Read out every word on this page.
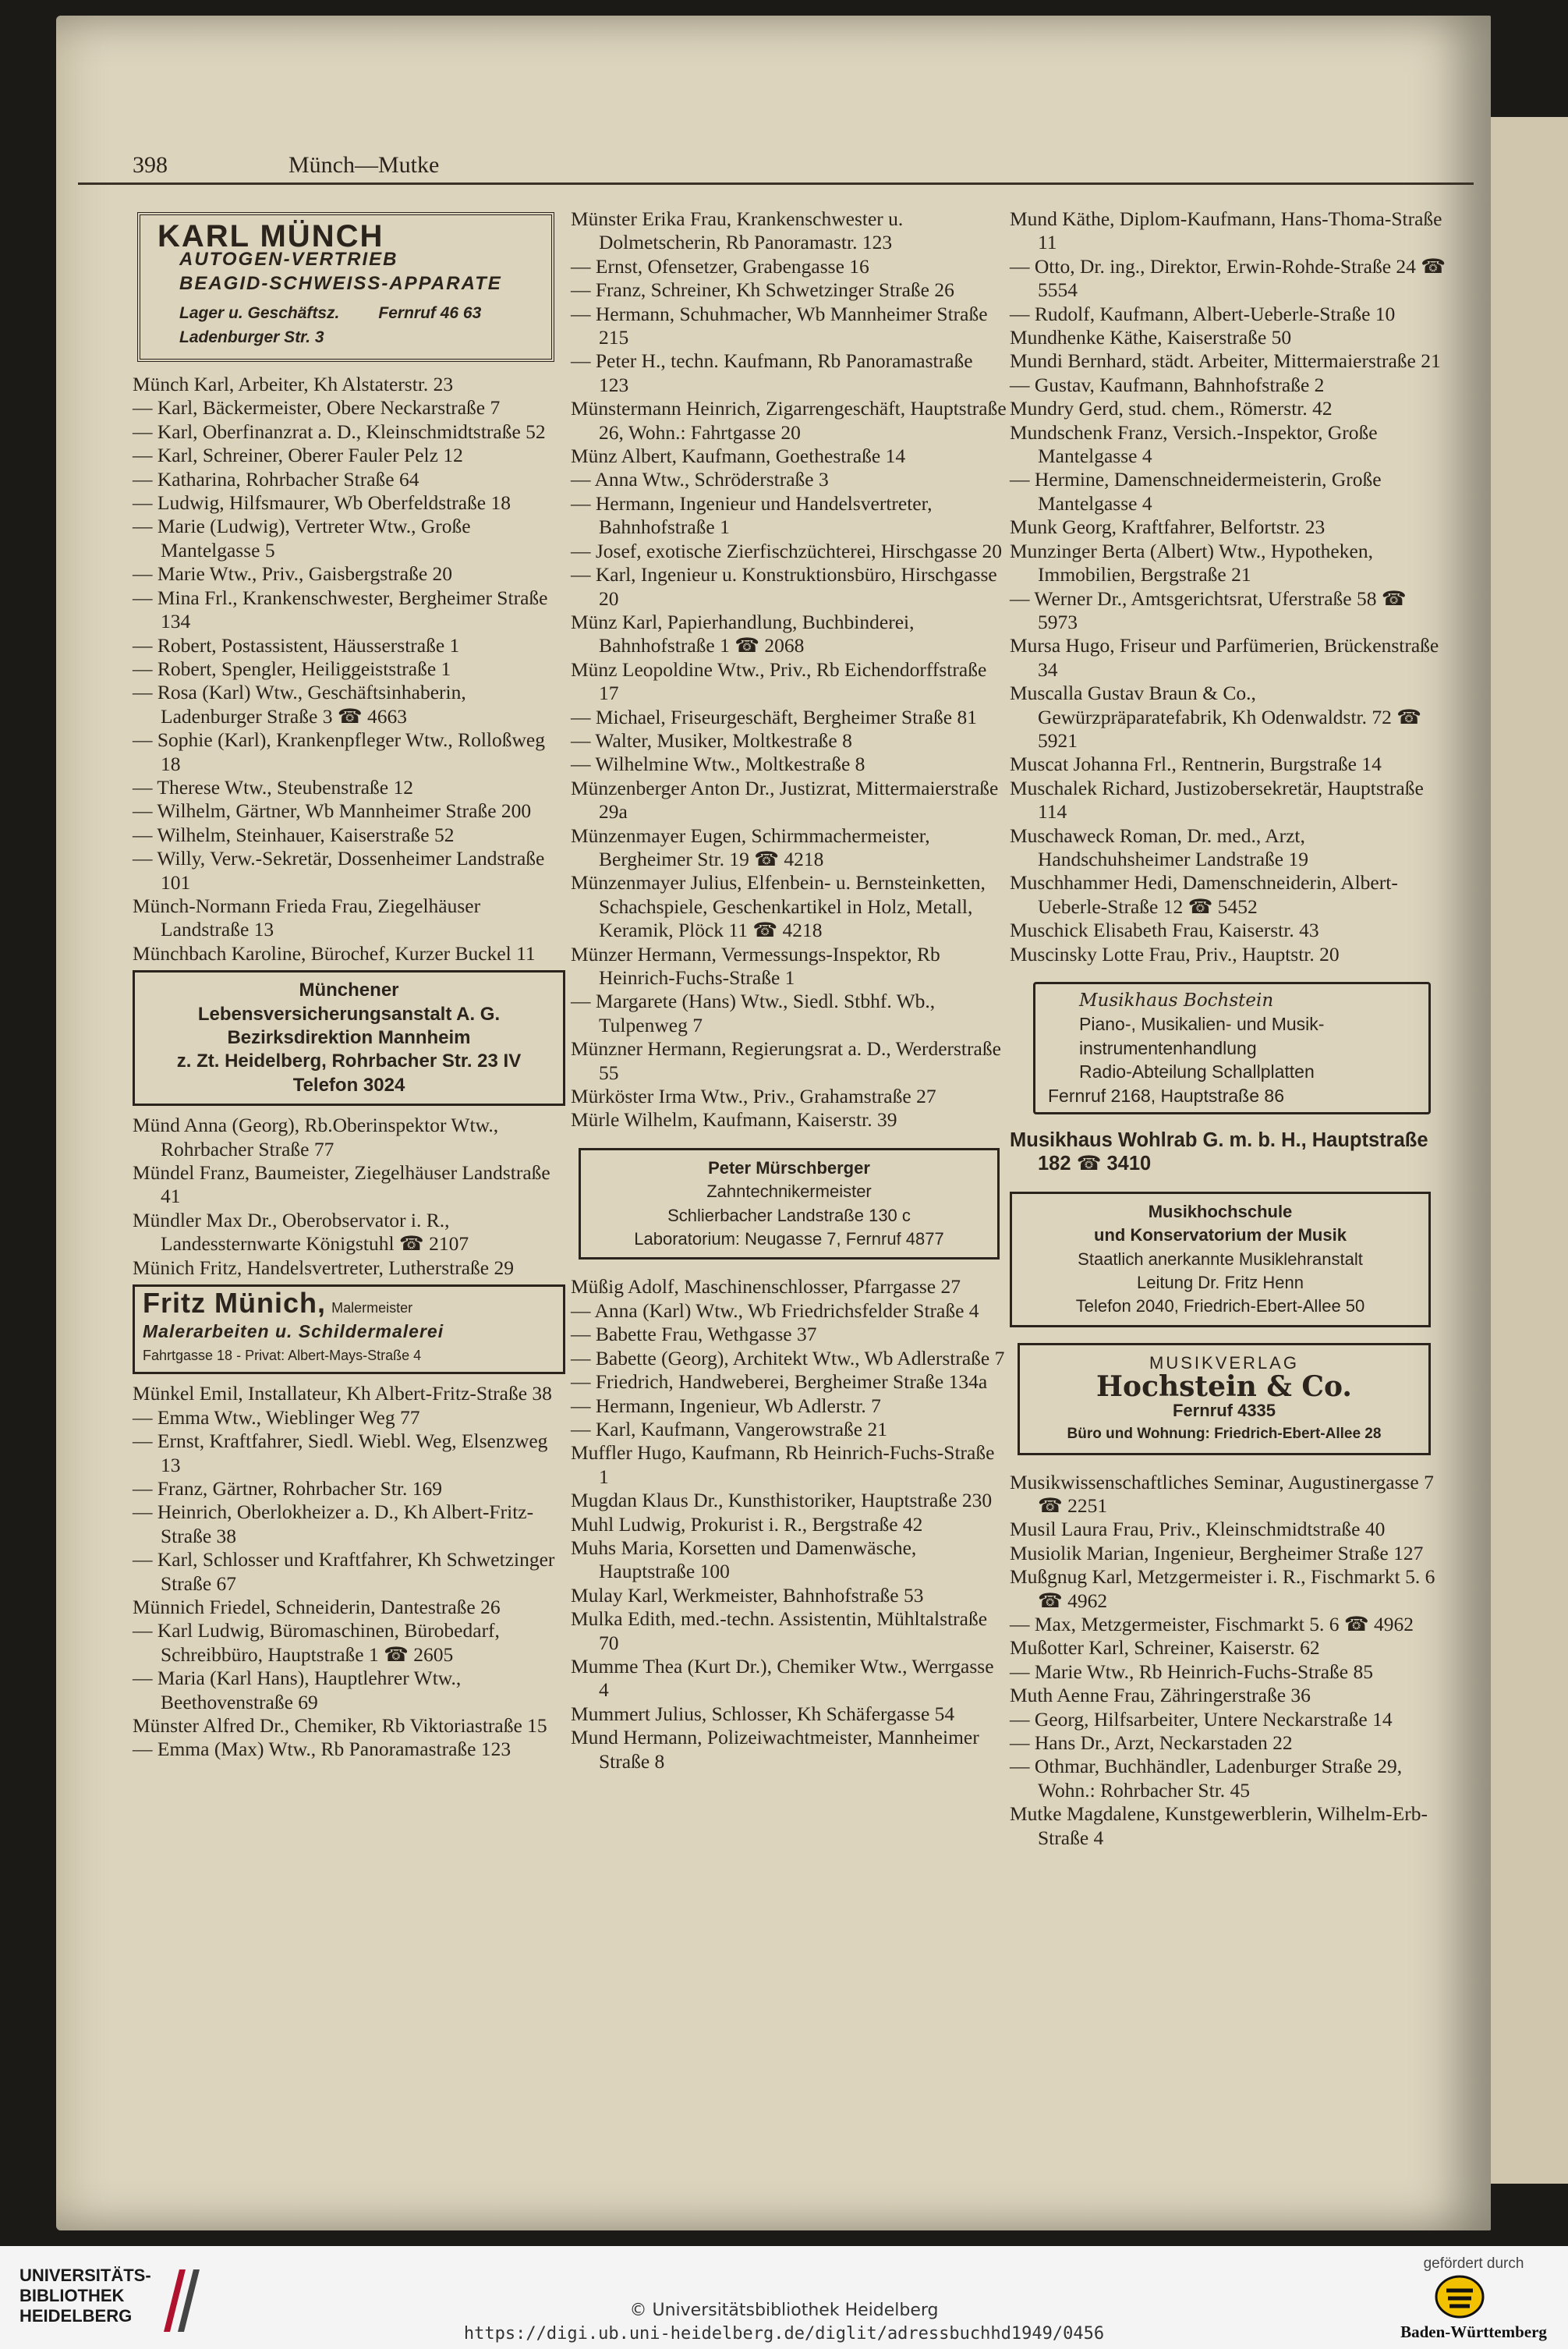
398	Münch—Mutke
KARL MÜNCH
AUTOGEN-VERTRIEB
BEAGID-SCHWEISS-APPARATE
Lager u. Geschäftsz. Fernruf 46 63
Ladenburger Str. 3

Münch Karl, Arbeiter, Kh Alstaterstr. 23

— Karl, Bäckermeister, Obere Neckarstraße 7

— Karl, Oberfinanzrat a. D., Kleinschmidtstraße 52

— Karl, Schreiner, Oberer Fauler Pelz 12

— Katharina, Rohrbacher Straße 64

— Ludwig, Hilfsmaurer, Wb Oberfeldstraße 18

— Marie (Ludwig), Vertreter Wtw., Große Mantelgasse 5

— Marie Wtw., Priv., Gaisbergstraße 20

— Mina Frl., Krankenschwester, Bergheimer Straße 134

— Robert, Postassistent, Häusserstraße 1

— Robert, Spengler, Heiliggeiststraße 1

— Rosa (Karl) Wtw., Geschäftsinhaberin, Ladenburger Straße 3 ☎ 4663

— Sophie (Karl), Krankenpfleger Wtw., Rolloßweg 18

— Therese Wtw., Steubenstraße 12

— Wilhelm, Gärtner, Wb Mannheimer Straße 200

— Wilhelm, Steinhauer, Kaiserstraße 52

— Willy, Verw.-Sekretär, Dossenheimer Landstraße 101

Münch-Normann Frieda Frau, Ziegelhäuser Landstraße 13

Münchbach Karoline, Bürochef, Kurzer Buckel 11

Münchener
Lebensversicherungsanstalt A. G.
Bezirksdirektion Mannheim
z. Zt. Heidelberg, Rohrbacher Str. 23 IV
Telefon 3024

Münd Anna (Georg), Rb.Oberinspektor Wtw., Rohrbacher Straße 77

Mündel Franz, Baumeister, Ziegelhäuser Landstraße 41

Mündler Max Dr., Oberobservator i. R., Landessternwarte Königstuhl ☎ 2107

Münich Fritz, Handelsvertreter, Lutherstraße 29

Fritz Münich, Malermeister
Malerarbeiten u. Schildermalerei
Fahrtgasse 18 - Privat: Albert-Mays-Straße 4

Münkel Emil, Installateur, Kh Albert-Fritz-Straße 38

— Emma Wtw., Wieblinger Weg 77

— Ernst, Kraftfahrer, Siedl. Wiebl. Weg, Elsenzweg 13

— Franz, Gärtner, Rohrbacher Str. 169

— Heinrich, Oberlokheizer a. D., Kh Albert-Fritz-Straße 38

— Karl, Schlosser und Kraftfahrer, Kh Schwetzinger Straße 67

Münnich Friedel, Schneiderin, Dantestraße 26

— Karl Ludwig, Büromaschinen, Bürobedarf, Schreibbüro, Hauptstraße 1 ☎ 2605

— Maria (Karl Hans), Hauptlehrer Wtw., Beethovenstraße 69

Münster Alfred Dr., Chemiker, Rb Viktoriastraße 15

— Emma (Max) Wtw., Rb Panoramastraße 123

Münster Erika Frau, Krankenschwester u. Dolmetscherin, Rb Panoramastr. 123

— Ernst, Ofensetzer, Grabengasse 16

— Franz, Schreiner, Kh Schwetzinger Straße 26

— Hermann, Schuhmacher, Wb Mannheimer Straße 215

— Peter H., techn. Kaufmann, Rb Panoramastraße 123

Münstermann Heinrich, Zigarrengeschäft, Hauptstraße 26, Wohn.: Fahrtgasse 20

Münz Albert, Kaufmann, Goethestraße 14

— Anna Wtw., Schröderstraße 3

— Hermann, Ingenieur und Handelsvertreter, Bahnhofstraße 1

— Josef, exotische Zierfischzüchterei, Hirschgasse 20

— Karl, Ingenieur u. Konstruktionsbüro, Hirschgasse 20

Münz Karl, Papierhandlung, Buchbinderei, Bahnhofstraße 1 ☎ 2068

Münz Leopoldine Wtw., Priv., Rb Eichendorffstraße 17

— Michael, Friseurgeschäft, Bergheimer Straße 81

— Walter, Musiker, Moltkestraße 8

— Wilhelmine Wtw., Moltkestraße 8

Münzenberger Anton Dr., Justizrat, Mittermaierstraße 29a

Münzenmayer Eugen, Schirmmachermeister, Bergheimer Str. 19 ☎ 4218

Münzenmayer Julius, Elfenbein- u. Bernsteinketten, Schachspiele, Geschenkartikel in Holz, Metall, Keramik, Plöck 11 ☎ 4218

Münzer Hermann, Vermessungs-Inspektor, Rb Heinrich-Fuchs-Straße 1

— Margarete (Hans) Wtw., Siedl. Stbhf. Wb., Tulpenweg 7

Münzner Hermann, Regierungsrat a. D., Werderstraße 55

Mürköster Irma Wtw., Priv., Grahamstraße 27

Mürle Wilhelm, Kaufmann, Kaiserstr. 39

Peter Mürschberger
Zahntechnikermeister
Schlierbacher Landstraße 130 c
Laboratorium: Neugasse 7, Fernruf 4877

Müßig Adolf, Maschinenschlosser, Pfarrgasse 27

— Anna (Karl) Wtw., Wb Friedrichsfelder Straße 4

— Babette Frau, Wethgasse 37

— Babette (Georg), Architekt Wtw., Wb Adlerstraße 7

— Friedrich, Handweberei, Bergheimer Straße 134a

— Hermann, Ingenieur, Wb Adlerstr. 7

— Karl, Kaufmann, Vangerowstraße 21

Muffler Hugo, Kaufmann, Rb Heinrich-Fuchs-Straße 1

Mugdan Klaus Dr., Kunsthistoriker, Hauptstraße 230

Muhl Ludwig, Prokurist i. R., Bergstraße 42

Muhs Maria, Korsetten und Damenwäsche, Hauptstraße 100

Mulay Karl, Werkmeister, Bahnhofstraße 53

Mulka Edith, med.-techn. Assistentin, Mühltalstraße 70

Mumme Thea (Kurt Dr.), Chemiker Wtw., Werrgasse 4

Mummert Julius, Schlosser, Kh Schäfergasse 54

Mund Hermann, Polizeiwachtmeister, Mannheimer Straße 8

Mund Käthe, Diplom-Kaufmann, Hans-Thoma-Straße 11

— Otto, Dr. ing., Direktor, Erwin-Rohde-Straße 24 ☎ 5554

— Rudolf, Kaufmann, Albert-Ueberle-Straße 10

Mundhenke Käthe, Kaiserstraße 50

Mundi Bernhard, städt. Arbeiter, Mittermaierstraße 21

— Gustav, Kaufmann, Bahnhofstraße 2

Mundry Gerd, stud. chem., Römerstr. 42

Mundschenk Franz, Versich.-Inspektor, Große Mantelgasse 4

— Hermine, Damenschneidermeisterin, Große Mantelgasse 4

Munk Georg, Kraftfahrer, Belfortstr. 23

Munzinger Berta (Albert) Wtw., Hypotheken, Immobilien, Bergstraße 21

— Werner Dr., Amtsgerichtsrat, Uferstraße 58 ☎ 5973

Mursa Hugo, Friseur und Parfümerien, Brückenstraße 34

Muscalla Gustav Braun & Co., Gewürzpräparatefabrik, Kh Odenwaldstr. 72 ☎ 5921

Muscat Johanna Frl., Rentnerin, Burgstraße 14

Muschalek Richard, Justizobersekretär, Hauptstraße 114

Muschaweck Roman, Dr. med., Arzt, Handschuhsheimer Landstraße 19

Muschhammer Hedi, Damenschneiderin, Albert-Ueberle-Straße 12 ☎ 5452

Muschick Elisabeth Frau, Kaiserstr. 43

Muscinsky Lotte Frau, Priv., Hauptstr. 20

Musikhaus Bochstein
Piano-, Musikalien- und Musik-
instrumentenhandlung
Radio-Abteilung Schallplatten
Fernruf 2168, Hauptstraße 86

Musikhaus Wohlrab G. m. b. H., Hauptstraße 182 ☎ 3410

Musikhochschule
und Konservatorium der Musik
Staatlich anerkannte Musiklehranstalt
Leitung Dr. Fritz Henn
Telefon 2040, Friedrich-Ebert-Allee 50
MUSIKVERLAG
Hochstein & Co.
Fernruf 4335
Büro und Wohnung: Friedrich-Ebert-Allee 28

Musikwissenschaftliches Seminar, Augustinergasse 7 ☎ 2251

Musil Laura Frau, Priv., Kleinschmidtstraße 40

Musiolik Marian, Ingenieur, Bergheimer Straße 127

Mußgnug Karl, Metzgermeister i. R., Fischmarkt 5. 6 ☎ 4962

— Max, Metzgermeister, Fischmarkt 5. 6 ☎ 4962

Mußotter Karl, Schreiner, Kaiserstr. 62

— Marie Wtw., Rb Heinrich-Fuchs-Straße 85

Muth Aenne Frau, Zähringerstraße 36

— Georg, Hilfsarbeiter, Untere Neckarstraße 14

— Hans Dr., Arzt, Neckarstaden 22

— Othmar, Buchhändler, Ladenburger Straße 29, Wohn.: Rohrbacher Str. 45

Mutke Magdalene, Kunstgewerblerin, Wilhelm-Erb-Straße 4

UNIVERSITÄTS-
BIBLIOTHEK
HEIDELBERG	© Universitätsbibliothek Heidelberg
https://digi.ub.uni-heidelberg.de/diglit/adressbuchhd1949/0456
gefördert durch
Baden-Württemberg
